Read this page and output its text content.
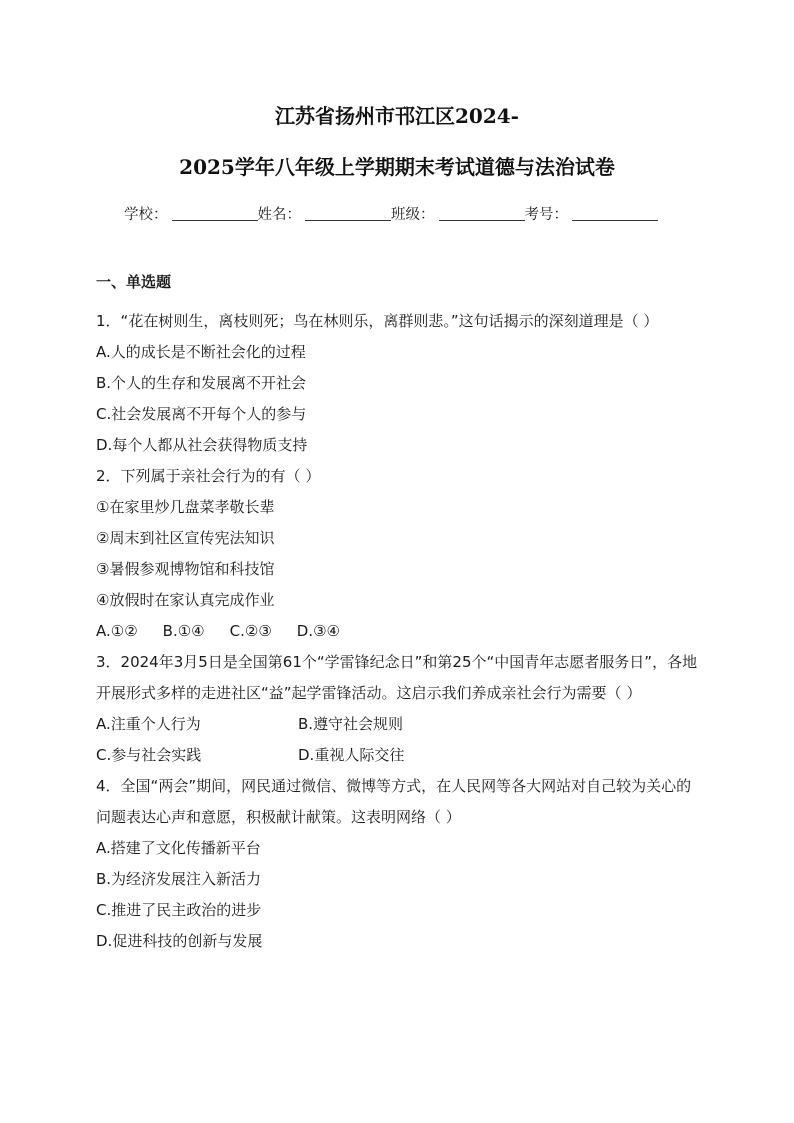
江苏省扬州市邗江区2024-
2025学年八年级上学期期末考试道德与法治试卷
学校：	姓名：	班级：	考号：
一、单选题
1．“花在树则生，离枝则死；鸟在林则乐，离群则悲。”这句话揭示的深刻道理是（ ）
A.人的成长是不断社会化的过程
B.个人的生存和发展离不开社会
C.社会发展离不开每个人的参与
D.每个人都从社会获得物质支持
2．下列属于亲社会行为的有（ ）
①在家里炒几盘菜孝敬长辈
②周末到社区宣传宪法知识
③暑假参观博物馆和科技馆
④放假时在家认真完成作业
A.①② B.①④ C.②③ D.③④
3．2024年3月5日是全国第61个“学雷锋纪念日”和第25个“中国青年志愿者服务日”，各地开展形式多样的走进社区“益”起学雷锋活动。这启示我们养成亲社会行为需要（ ）
A.注重个人行为	B.遵守社会规则
C.参与社会实践	D.重视人际交往
4．全国“两会”期间，网民通过微信、微博等方式，在人民网等各大网站对自己较为关心的问题表达心声和意愿，积极献计献策。这表明网络（ ）
A.搭建了文化传播新平台
B.为经济发展注入新活力
C.推进了民主政治的进步
D.促进科技的创新与发展
